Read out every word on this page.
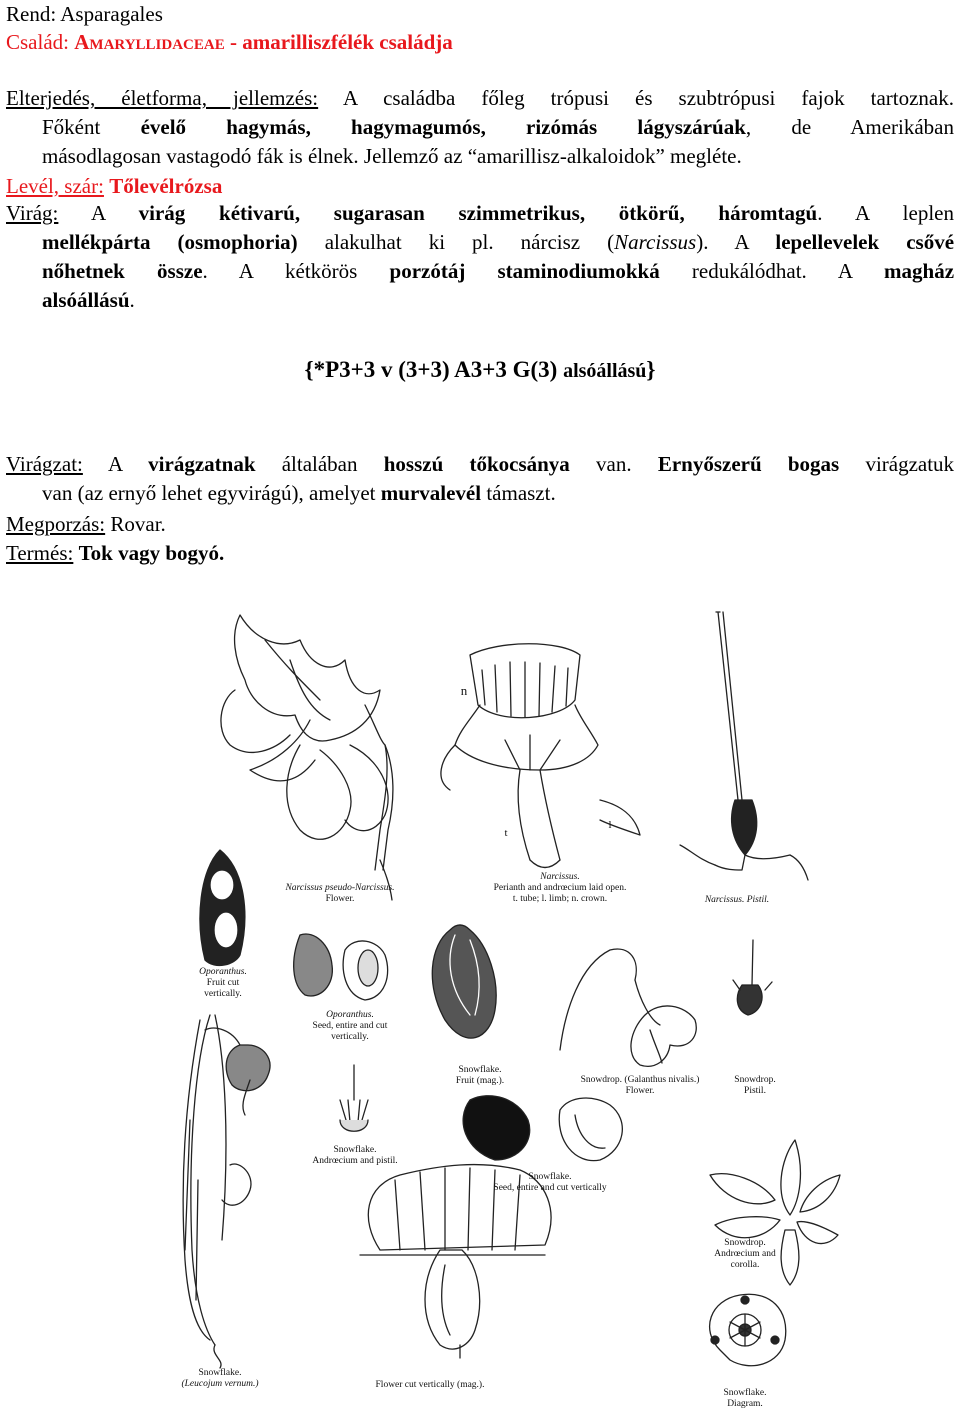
Rend: Asparagales
Család: Amaryllidaceae - amarilliszfélék családja
Elterjedés, életforma, jellemzés: A családba főleg trópusi és szubtrópusi fajok tartoznak.
Főként évelő hagymás, hagymagumós, rizómás lágyszárúak, de Amerikában
másodlagosan vastagodó fák is élnek. Jellemző az “amarillisz-alkaloidok” megléte.
Levél, szár: Tőlevélrózsa
Virág: A virág kétivarú, sugarasan szimmetrikus, ötkörű, háromtagú. A leplen
mellékpárta (osmophoria) alakulhat ki pl. nárcisz (Narcissus). A lepellevelek csővé
nőhetnek össze. A kétkörös porzótáj staminodiumokká redukálódhat. A magház
alsóállású.
{*P3+3 v (3+3) A3+3 G(3) alsóállású}
Virágzat: A virágzatnak általában hosszú tőkocsánya van. Ernyőszerű bogas virágzatuk
van (az ernyő lehet egyvirágú), amelyet murvalevél támaszt.
Megporzás: Rovar.
Termés: Tok vagy bogyó.
Narcissus pseudo-Narcissus.
Flower.
Narcissus.
Perianth and andrœcium laid open.
t. tube; l. limb; n. crown.	Narcissus. Pistil.
n
t
l
Oporanthus.
Fruit cut
vertically.
Oporanthus.
Seed, entire and cut
vertically.
Snowflake.
Fruit (mag.).	Snowdrop. (Galanthus nivalis.)
Flower.
Snowdrop.
Pistil.
Snowflake.
Andrœcium and pistil.
Snowflake.
Seed, entire and cut vertically
Snowdrop.
Andrœcium and
corolla.
Snowflake.
(Leucojum vernum.)	Flower cut vertically (mag.).
Snowflake.
Diagram.
